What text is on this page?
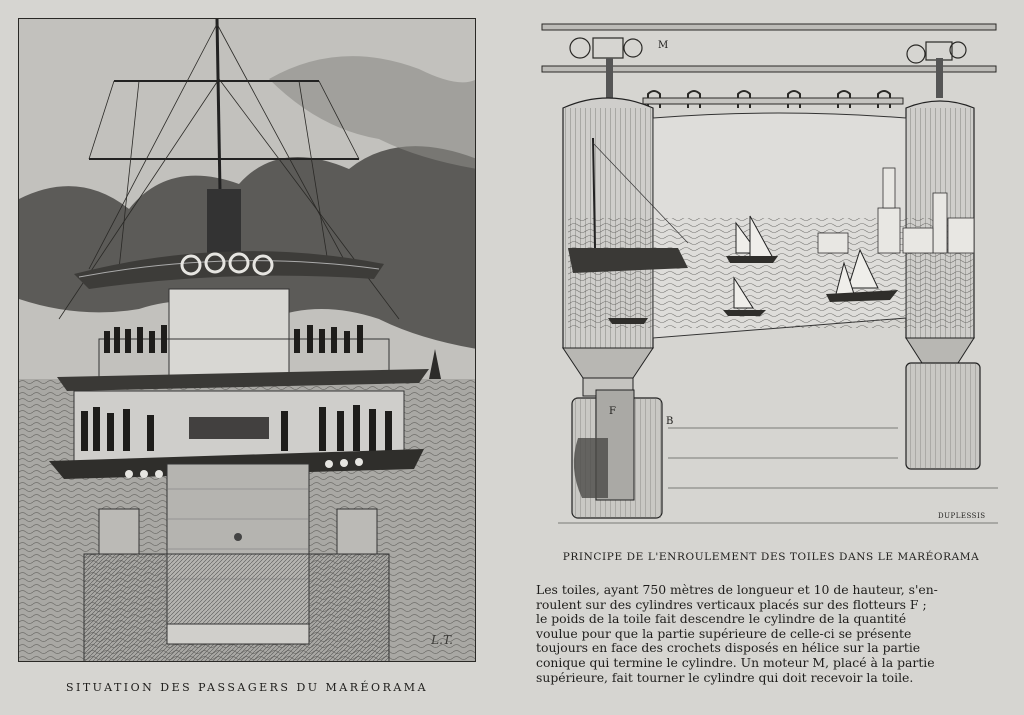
L.T.
SITUATION DES PASSAGERS DU MARÉORAMA
M
F
B
DUPLESSIS
PRINCIPE DE L'ENROULEMENT DES TOILES DANS LE MARÉORAMA
Les toiles, ayant 750 mètres de longueur et 10 de hauteur, s'en-
roulent sur des cylindres verticaux placés sur des flotteurs F ;
le poids de la toile fait descendre le cylindre de la quantité
voulue pour que la partie supérieure de celle-ci se présente
toujours en face des crochets disposés en hélice sur la partie
conique qui termine le cylindre. Un moteur M, placé à la partie
supérieure, fait tourner le cylindre qui doit recevoir la toile.
